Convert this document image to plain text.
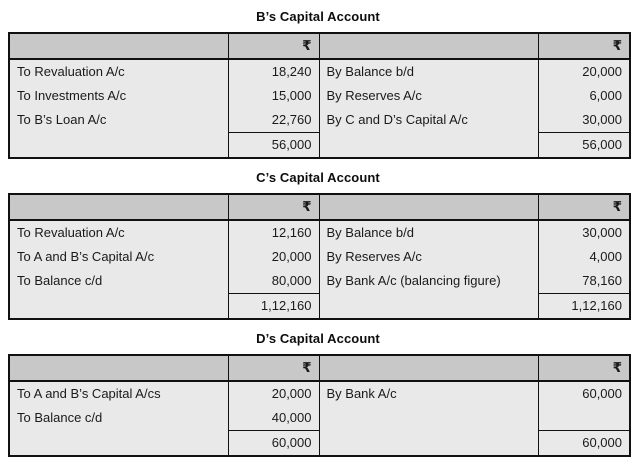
B’s Capital Account
	₹		₹
To Revaluation A/c	18,240	By Balance b/d	20,000
To Investments A/c	15,000	By Reserves A/c	6,000
To B’s Loan A/c	22,760	By C and D’s Capital A/c	30,000
	56,000		56,000
C’s Capital Account
	₹		₹
To Revaluation A/c	12,160	By Balance b/d	30,000
To A and B’s Capital A/c	20,000	By Reserves A/c	4,000
To Balance c/d	80,000	By Bank A/c (balancing figure)	78,160
	1,12,160		1,12,160
D’s Capital Account
	₹		₹
To A and B’s Capital A/cs	20,000	By Bank A/c	60,000
To Balance c/d	40,000		
	60,000		60,000
